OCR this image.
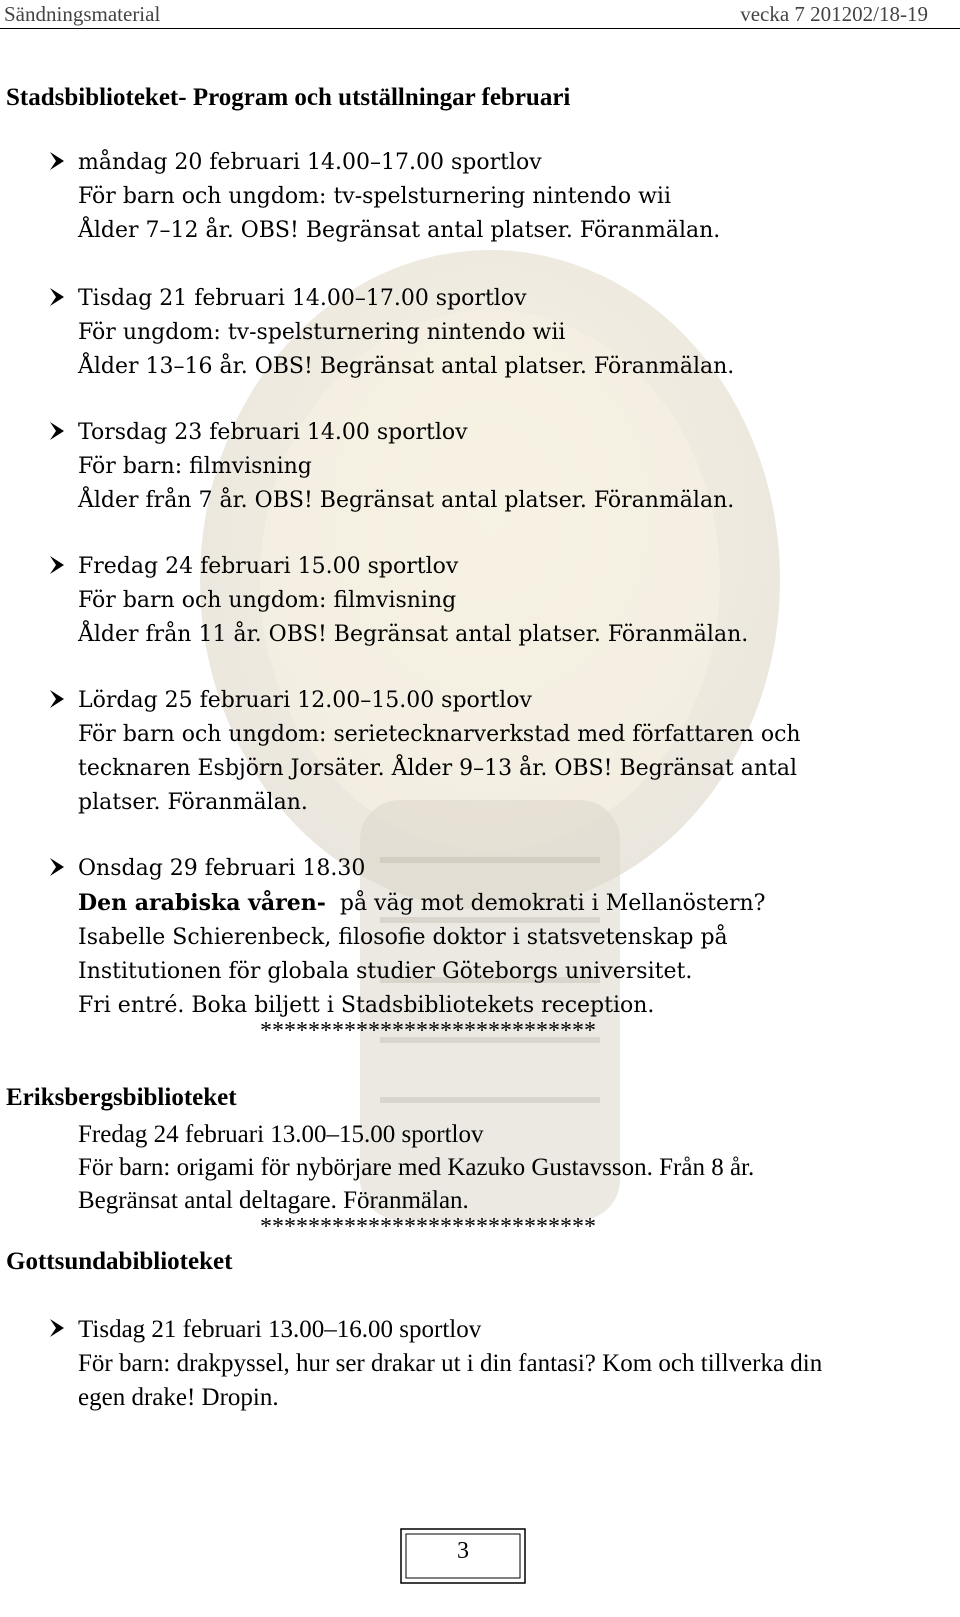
Sändningsmaterial	vecka 7 201202/18-19
Stadsbiblioteket- Program och utställningar februari
måndag 20 februari 14.00–17.00 sportlov
För barn och ungdom: tv-spelsturnering nintendo wii
Ålder 7–12 år. OBS! Begränsat antal platser. Föranmälan.
Tisdag 21 februari 14.00–17.00 sportlov
För ungdom: tv-spelsturnering nintendo wii
Ålder 13–16 år. OBS! Begränsat antal platser. Föranmälan.
Torsdag 23 februari 14.00 sportlov
För barn: filmvisning
Ålder från 7 år. OBS! Begränsat antal platser. Föranmälan.
Fredag 24 februari 15.00 sportlov
För barn och ungdom: filmvisning
Ålder från 11 år. OBS! Begränsat antal platser. Föranmälan.
Lördag 25 februari 12.00–15.00 sportlov
För barn och ungdom: serietecknarverkstad med författaren och
tecknaren Esbjörn Jorsäter. Ålder 9–13 år. OBS! Begränsat antal
platser. Föranmälan.
Onsdag 29 februari 18.30
Den arabiska våren-  på väg mot demokrati i Mellanöstern?
Isabelle Schierenbeck, filosofie doktor i statsvetenskap på
Institutionen för globala studier Göteborgs universitet.
Fri entré. Boka biljett i Stadsbibliotekets reception.
****************************
Eriksbergsbiblioteket
Fredag 24 februari 13.00–15.00 sportlov
För barn: origami för nybörjare med Kazuko Gustavsson. Från 8 år.
Begränsat antal deltagare. Föranmälan.
****************************
Gottsundabiblioteket
Tisdag 21 februari 13.00–16.00 sportlov
För barn: drakpyssel, hur ser drakar ut i din fantasi? Kom och tillverka din
egen drake! Dropin.
3
